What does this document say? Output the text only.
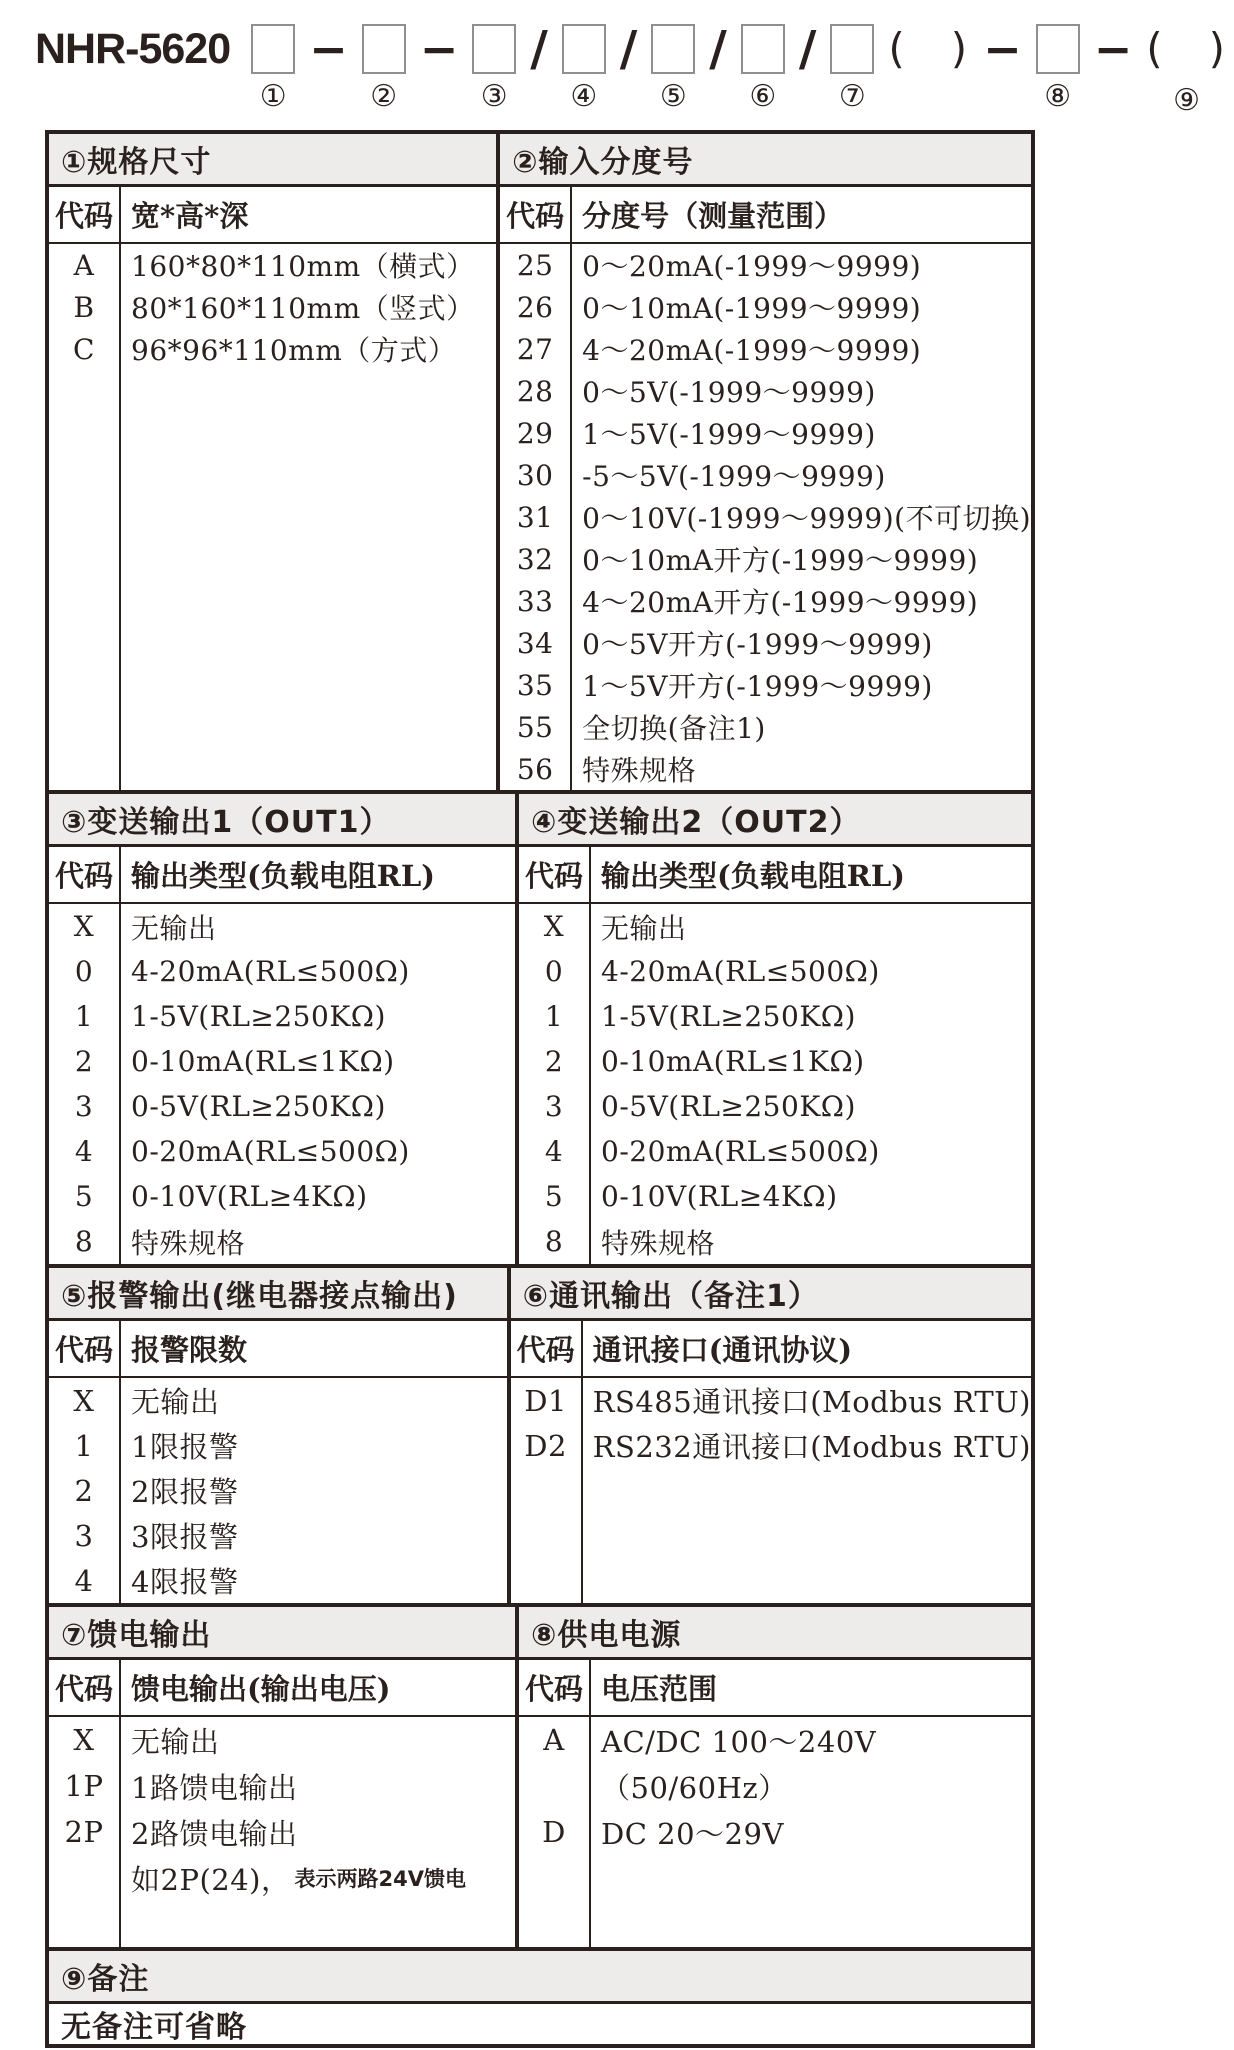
NHR-5620
①
−
②
−
③
/
④
/
⑤
/
⑥
/
⑦
(　) −
⑧
− (　)
⑨
①规格尺寸
代码 宽*高*深
A
B
C
160*80*110mm（横式）
80*160*110mm（竖式）
96*96*110mm（方式）
②输入分度号
代码 分度号（测量范围）
25
26
27
28
29
30
31
32
33
34
35
55
56
0～20mA(-1999～9999)
0～10mA(-1999～9999)
4～20mA(-1999～9999)
0～5V(-1999～9999)
1～5V(-1999～9999)
-5～5V(-1999～9999)
0～10V(-1999～9999)(不可切换)
0～10mA开方(-1999～9999)
4～20mA开方(-1999～9999)
0～5V开方(-1999～9999)
1～5V开方(-1999～9999)
全切换(备注1)
特殊规格
③变送输出1（OUT1）
代码 输出类型(负载电阻RL)
X
0
1
2
3
4
5
8
无输出
4-20mA(RL≤500Ω)
1-5V(RL≥250KΩ)
0-10mA(RL≤1KΩ)
0-5V(RL≥250KΩ)
0-20mA(RL≤500Ω)
0-10V(RL≥4KΩ)
特殊规格
④变送输出2（OUT2）
代码 输出类型(负载电阻RL)
X
0
1
2
3
4
5
8
无输出
4-20mA(RL≤500Ω)
1-5V(RL≥250KΩ)
0-10mA(RL≤1KΩ)
0-5V(RL≥250KΩ)
0-20mA(RL≤500Ω)
0-10V(RL≥4KΩ)
特殊规格
⑤报警输出(继电器接点输出)
代码 报警限数
X
1
2
3
4
无输出
1限报警
2限报警
3限报警
4限报警
⑥通讯输出（备注1）
代码 通讯接口(通讯协议)
D1
D2
RS485通讯接口(Modbus RTU)
RS232通讯接口(Modbus RTU)
⑦馈电输出
代码 馈电输出(输出电压)
X
1P
2P
无输出
1路馈电输出
2路馈电输出
如2P(24)， 表示两路24V馈电
⑧供电电源
代码 电压范围
A
D
AC/DC 100～240V
（50/60Hz）
DC 20～29V
⑨备注
无备注可省略
